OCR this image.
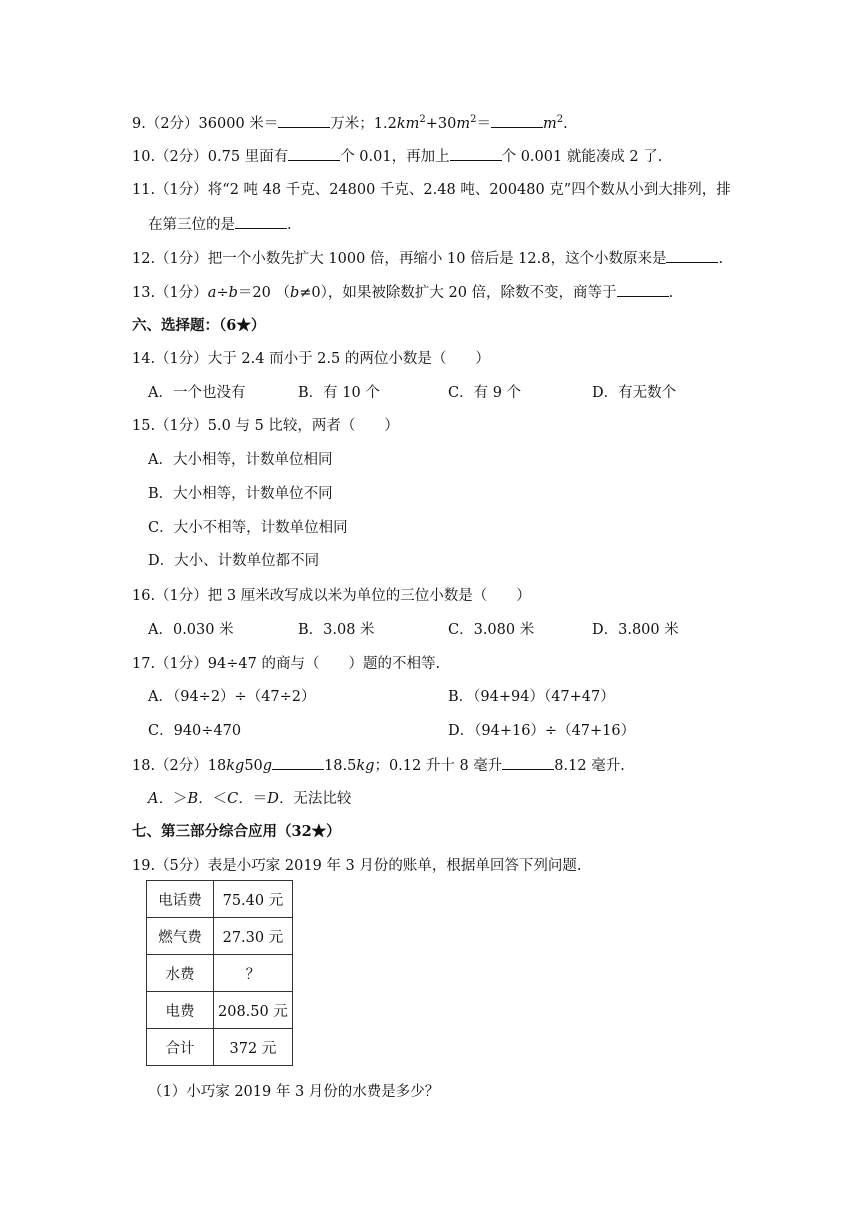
9.（2分）36000 米＝	万米；$1.2km^2+30m^2=$	$m^2$.
10.（2分）0.75 里面有	个 0.01，再加上	个 0.001 就能凑成 2 了.
11.（1分）将“2 吨 48 千克、24800 千克、2.48 吨、200480 克”四个数从小到大排列，排
在第三位的是	.
12.（1分）把一个小数先扩大 1000 倍，再缩小 10 倍后是 12.8，这个小数原来是	.
13.（1分）a÷b＝20 （b≠0），如果被除数扩大 20 倍，除数不变，商等于	.
六、选择题：（6★）
14.（1分）大于 2.4 而小于 2.5 的两位小数是（　　）
A．一个也没有	B．有 10 个	C．有 9 个	D．有无数个
15.（1分）5.0 与 5 比较，两者（　　）
A．大小相等，计数单位相同
B．大小相等，计数单位不同
C．大小不相等，计数单位相同
D．大小、计数单位都不同
16.（1分）把 3 厘米改写成以米为单位的三位小数是（　　）
A．0.030 米	B．3.08 米	C．3.080 米	D．3.800 米
17.（1分）94÷47 的商与（　　）题的不相等.
A．（94÷2）÷（47÷2）	B．（94+94）（47+47）
C．940÷470	D．（94+16）÷（47+16）
18.（2分）18kg50g	18.5kg；0.12 升十 8 毫升	8.12 毫升.
A．＞B．＜C．＝D．无法比较
七、第三部分综合应用（32★）
19.（5分）表是小巧家 2019 年 3 月份的账单，根据单回答下列问题.
电话费	75.40 元
燃气费	27.30 元
水费	？
电费	208.50 元
合计	372 元
（1）小巧家 2019 年 3 月份的水费是多少？
